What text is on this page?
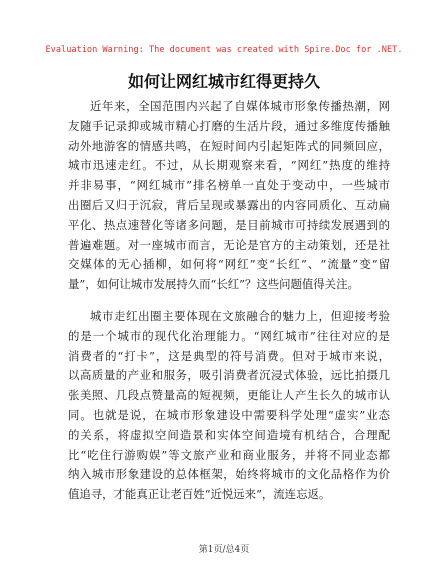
Evaluation Warning: The document was created with Spire.Doc for .NET.
如何让网红城市红得更持久
近年来，全国范围内兴起了自媒体城市形象传播热潮，网
友随手记录抑或城市精心打磨的生活片段，通过多维度传播触
动外地游客的情感共鸣，在短时间内引起矩阵式的同频回应，
城市迅速走红。不过，从长期观察来看，“网红”热度的维持
并非易事，“网红城市”排名榜单一直处于变动中，一些城市
出圈后又归于沉寂，背后呈现或暴露出的内容同质化、互动扁
平化、热点速替化等诸多问题，是目前城市可持续发展遇到的
普遍难题。对一座城市而言，无论是官方的主动策划，还是社
交媒体的无心插柳，如何将“网红”变“长红”、“流量”变“留
量”，如何让城市发展持久而“长红”？这些问题值得关注。
城市走红出圈主要体现在文旅融合的魅力上，但迎接考验
的是一个城市的现代化治理能力。“网红城市”往往对应的是
消费者的“打卡”，这是典型的符号消费。但对于城市来说，
以高质量的产业和服务，吸引消费者沉浸式体验，远比拍摄几
张美照、几段点赞量高的短视频，更能让人产生长久的城市认
同。也就是说，在城市形象建设中需要科学处理“虚实”业态
的关系，将虚拟空间造景和实体空间造境有机结合，合理配
比“吃住行游购娱”等文旅产业和商业服务，并将不同业态都
纳入城市形象建设的总体框架，始终将城市的文化品格作为价
值追寻，才能真正让老百姓“近悦远来”，流连忘返。
第1页/总4页
